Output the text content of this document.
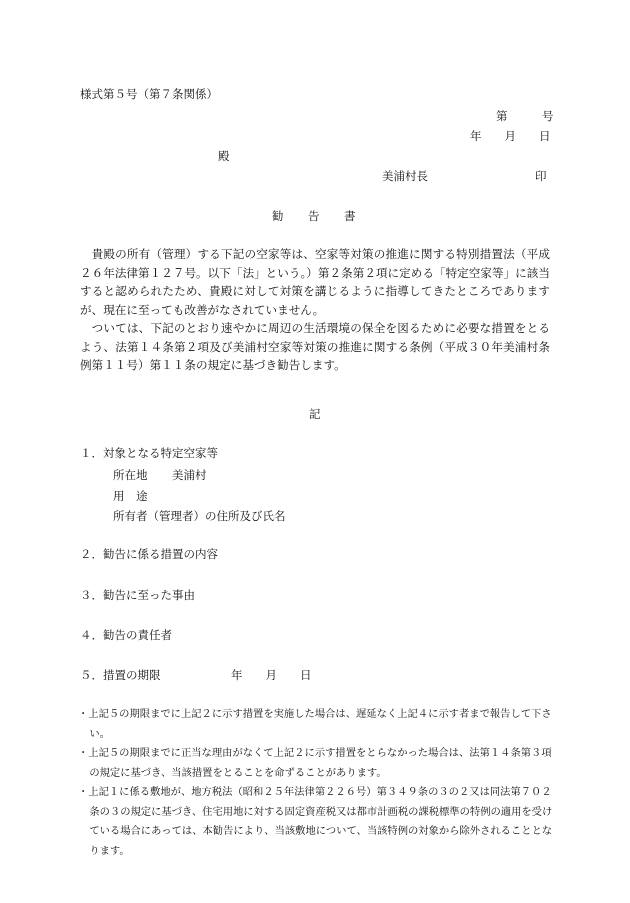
様式第５号（第７条関係）
第　　　号
年　　月　　日
殿
美浦村長	印
勧　　告　　書
貴殿の所有（管理）する下記の空家等は、空家等対策の推進に関する特別措置法（平成２６年法律第１２７号。以下「法」という。）第２条第２項に定める「特定空家等」に該当すると認められたため、貴殿に対して対策を講じるように指導してきたところでありますが、現在に至っても改善がなされていません。
ついては、下記のとおり速やかに周辺の生活環境の保全を図るために必要な措置をとるよう、法第１４条第２項及び美浦村空家等対策の推進に関する条例（平成３０年美浦村条例第１１号）第１１条の規定に基づき勧告します。
記
１．対象となる特定空家等
所在地 美浦村
用　途
所有者（管理者）の住所及び氏名
２．勧告に係る措置の内容
３．勧告に至った事由
４．勧告の責任者
５．措置の期限	年　　月　　日
・上記５の期限までに上記２に示す措置を実施した場合は、遅延なく上記４に示す者まで報告して下さい。
・上記５の期限までに正当な理由がなくて上記２に示す措置をとらなかった場合は、法第１４条第３項の規定に基づき、当該措置をとることを命ずることがあります。
・上記１に係る敷地が、地方税法（昭和２５年法律第２２６号）第３４９条の３の２又は同法第７０２条の３の規定に基づき、住宅用地に対する固定資産税又は都市計画税の課税標準の特例の適用を受けている場合にあっては、本勧告により、当該敷地について、当該特例の対象から除外されることとなります。
